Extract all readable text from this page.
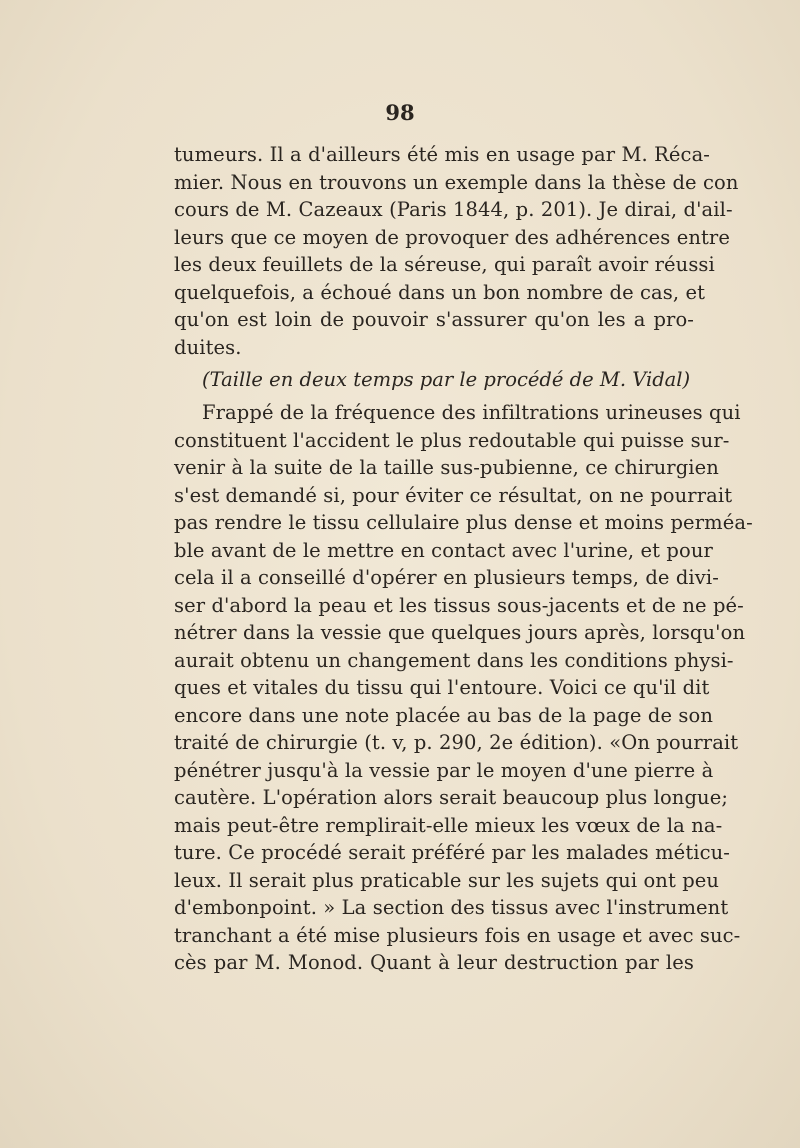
98
tumeurs. Il a d'ailleurs été mis en usage par M. Réca-
mier. Nous en trouvons un exemple dans la thèse de con
cours de M. Cazeaux (Paris 1844, p. 201). Je dirai, d'ail-
leurs que ce moyen de provoquer des adhérences entre
les deux feuillets de la séreuse, qui paraît avoir réussi
quelquefois, a échoué dans un bon nombre de cas, et
qu'on est loin de pouvoir s'assurer qu'on les a pro-
duites.
(Taille en deux temps par le procédé de M. Vidal)
Frappé de la fréquence des infiltrations urineuses qui
constituent l'accident le plus redoutable qui puisse sur-
venir à la suite de la taille sus-pubienne, ce chirurgien
s'est demandé si, pour éviter ce résultat, on ne pourrait
pas rendre le tissu cellulaire plus dense et moins perméa-
ble avant de le mettre en contact avec l'urine, et pour
cela il a conseillé d'opérer en plusieurs temps, de divi-
ser d'abord la peau et les tissus sous-jacents et de ne pé-
nétrer dans la vessie que quelques jours après, lorsqu'on
aurait obtenu un changement dans les conditions physi-
ques et vitales du tissu qui l'entoure. Voici ce qu'il dit
encore dans une note placée au bas de la page de son
traité de chirurgie (t. v, p. 290, 2e édition). «On pourrait
pénétrer jusqu'à la vessie par le moyen d'une pierre à
cautère. L'opération alors serait beaucoup plus longue;
mais peut-être remplirait-elle mieux les vœux de la na-
ture. Ce procédé serait préféré par les malades méticu-
leux. Il serait plus praticable sur les sujets qui ont peu
d'embonpoint. » La section des tissus avec l'instrument
tranchant a été mise plusieurs fois en usage et avec suc-
cès par M. Monod. Quant à leur destruction par les
